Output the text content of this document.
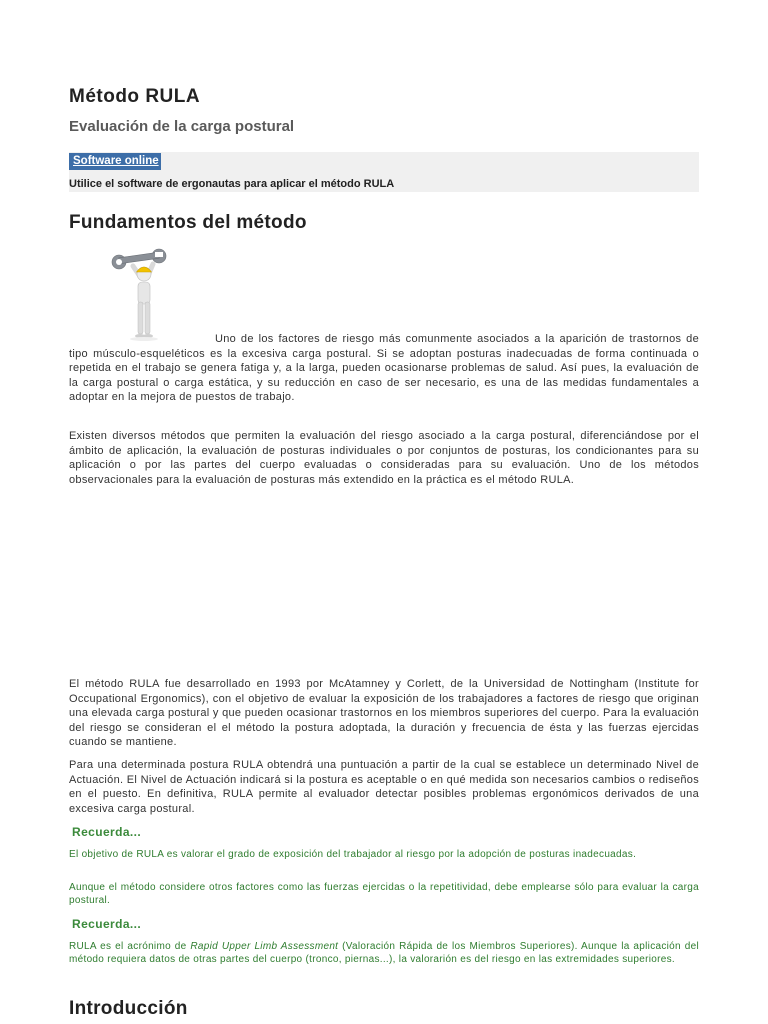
Método RULA
Evaluación de la carga postural
Software online
Utilice el software de ergonautas para aplicar el método RULA
Fundamentos del método

Uno de los factores de riesgo más comunmente asociados a la aparición de trastornos de tipo músculo-esqueléticos es la excesiva carga postural. Si se adoptan posturas inadecuadas de forma continuada o repetida en el trabajo se genera fatiga y, a la larga, pueden ocasionarse problemas de salud. Así pues, la evaluación de la carga postural o carga estática, y su reducción en caso de ser necesario, es una de las medidas fundamentales a adoptar en la mejora de puestos de trabajo.

Existen diversos métodos que permiten la evaluación del riesgo asociado a la carga postural, diferenciándose por el ámbito de aplicación, la evaluación de posturas individuales o por conjuntos de posturas, los condicionantes para su aplicación o por las partes del cuerpo evaluadas o consideradas para su evaluación. Uno de los métodos observacionales para la evaluación de posturas más extendido en la práctica es el método RULA.

El método RULA fue desarrollado en 1993 por McAtamney y Corlett, de la Universidad de Nottingham (Institute for Occupational Ergonomics), con el objetivo de evaluar la exposición de los trabajadores a factores de riesgo que originan una elevada carga postural y que pueden ocasionar trastornos en los miembros superiores del cuerpo. Para la evaluación del riesgo se consideran el el método la postura adoptada, la duración y frecuencia de ésta y las fuerzas ejercidas cuando se mantiene.

Para una determinada postura RULA obtendrá una puntuación a partir de la cual se establece un determinado Nivel de Actuación. El Nivel de Actuación indicará si la postura es aceptable o en qué medida son necesarios cambios o rediseños en el puesto. En definitiva, RULA permite al evaluador detectar posibles problemas ergonómicos derivados de una excesiva carga postural.

Recuerda...

El objetivo de RULA es valorar el grado de exposición del trabajador al riesgo por la adopción de posturas inadecuadas.

Aunque el método considere otros factores como las fuerzas ejercidas o la repetitividad, debe emplearse sólo para evaluar la carga postural.

Recuerda...

RULA es el acrónimo de Rapid Upper Limb Assessment (Valoración Rápida de los Miembros Superiores). Aunque la aplicación del método requiera datos de otras partes del cuerpo (tronco, piernas...), la valorarión es del riesgo en las extremidades superiores.

Introducción
